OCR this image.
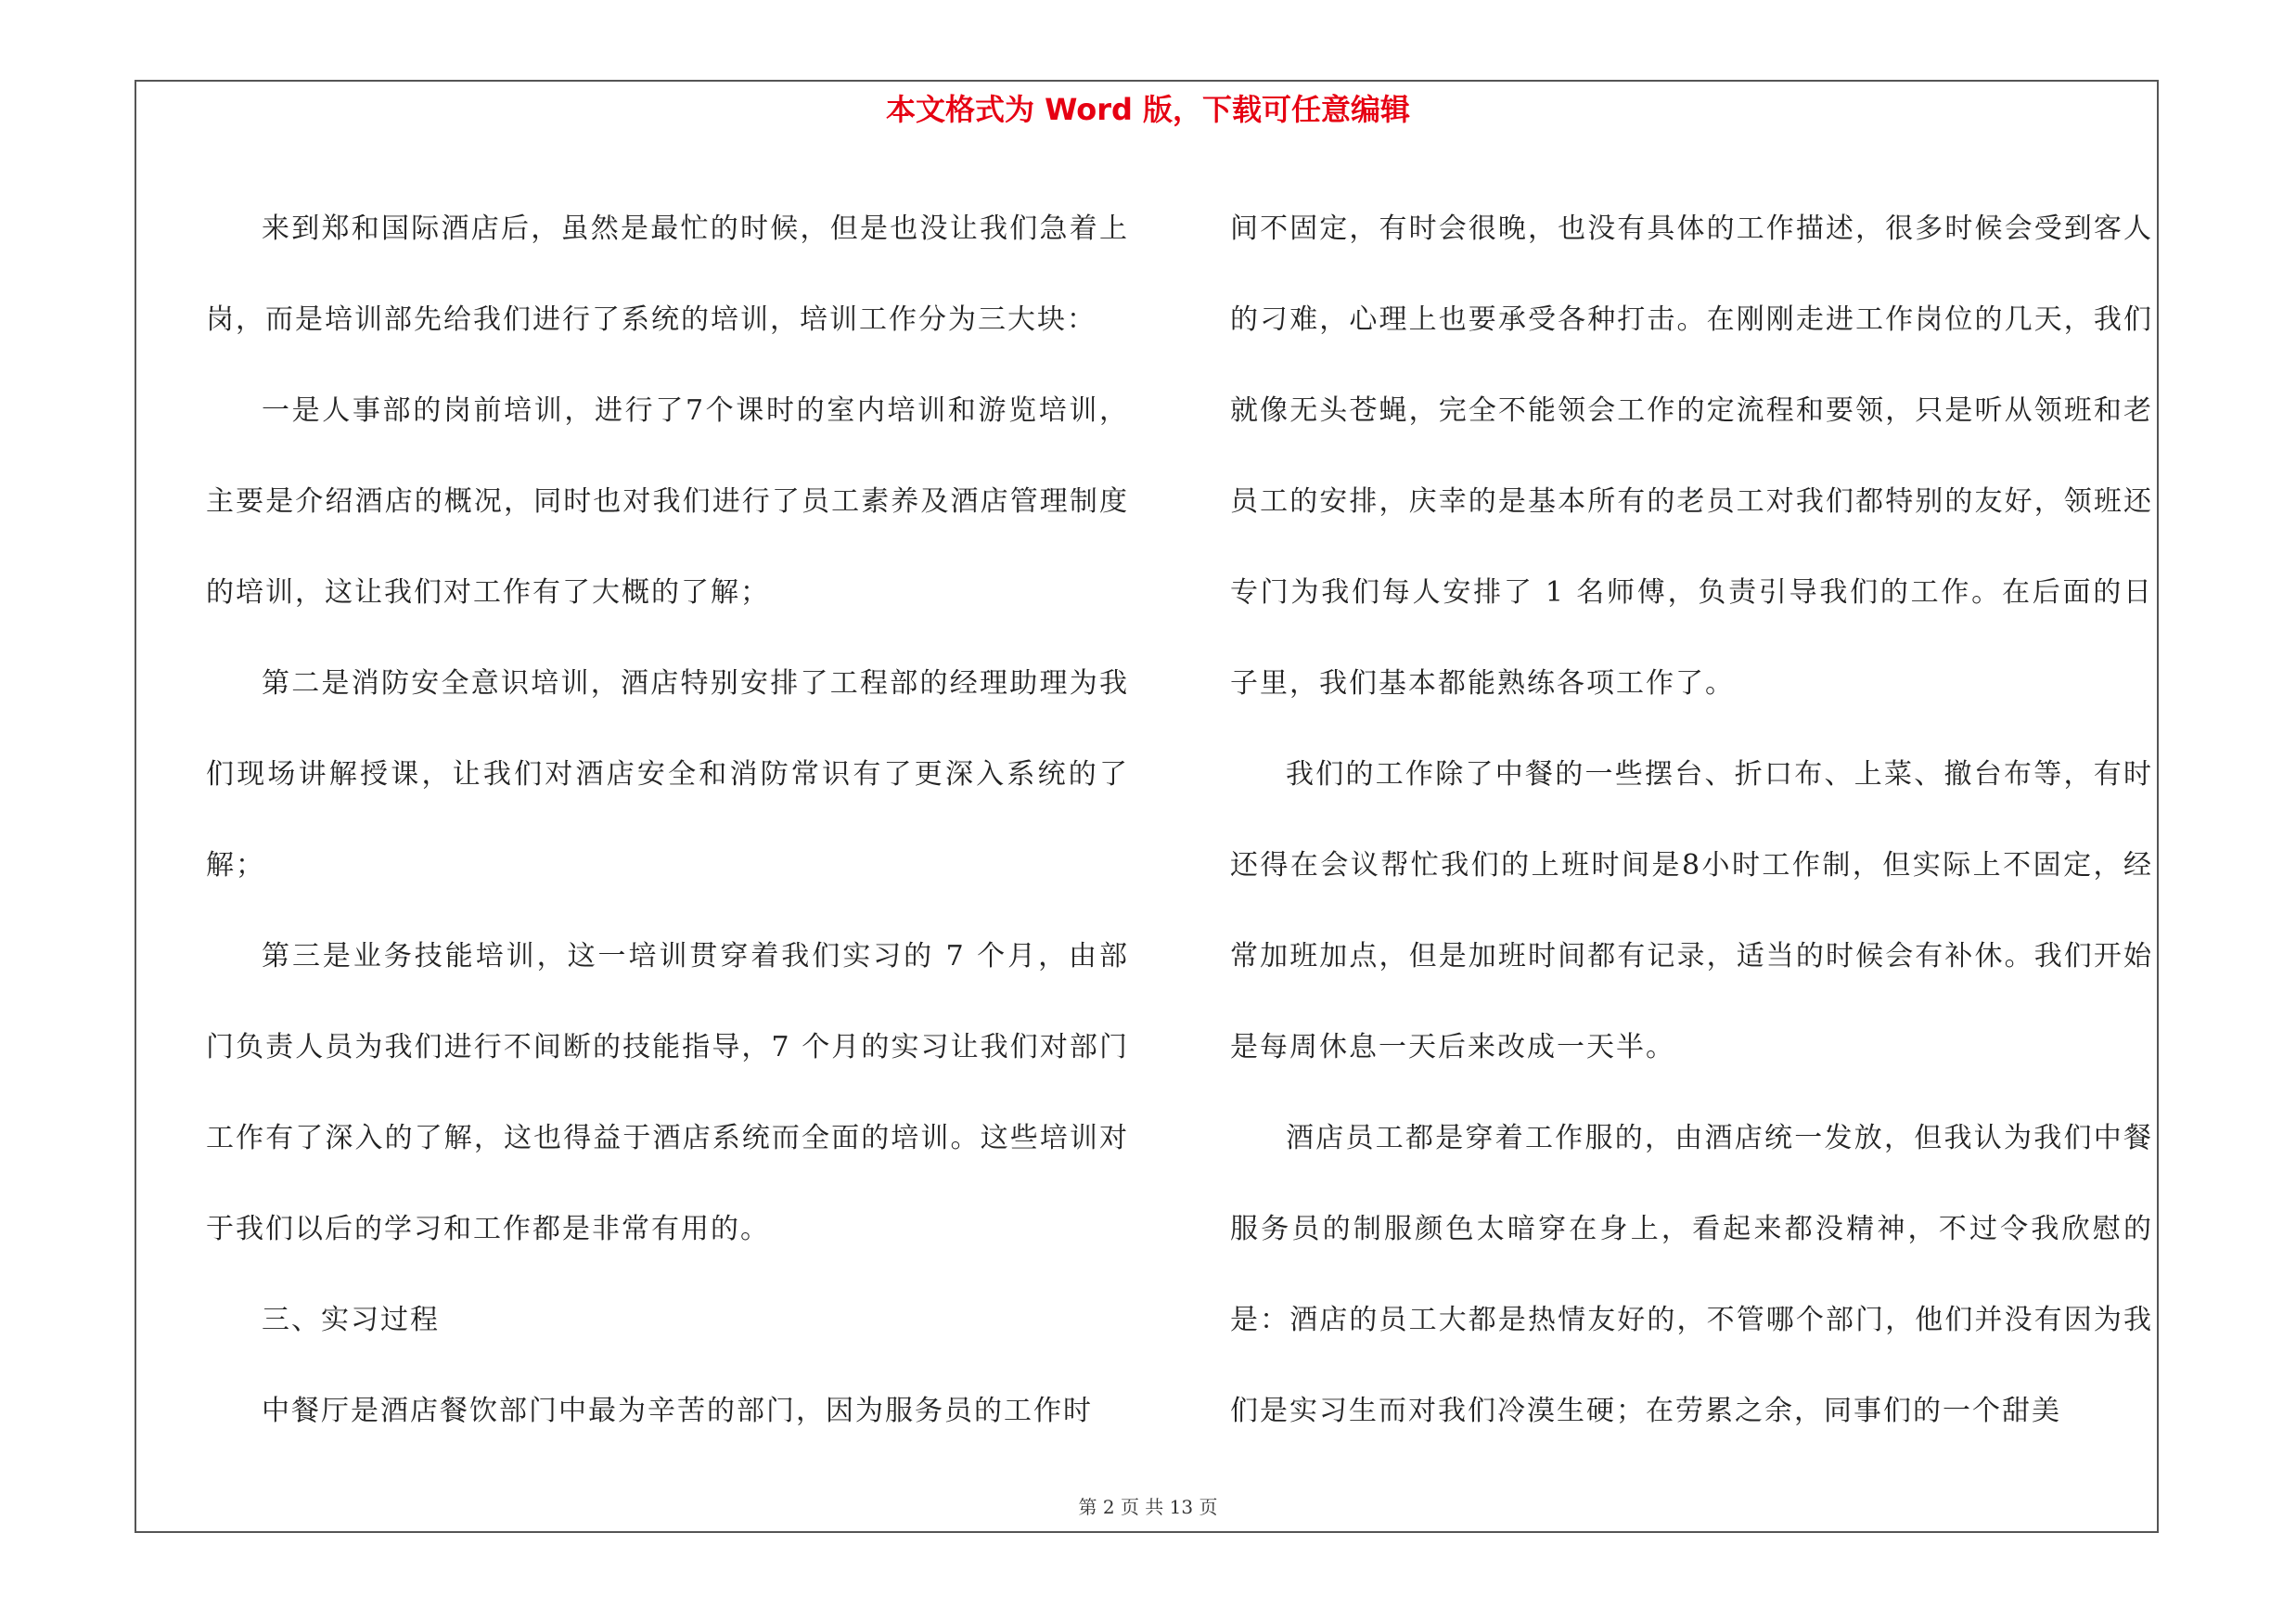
本文格式为 Word 版，下载可任意编辑

来到郑和国际酒店后，虽然是最忙的时候，但是也没让我们急着上岗，而是培训部先给我们进行了系统的培训，培训工作分为三大块：

一是人事部的岗前培训，进行了7个课时的室内培训和游览培训，主要是介绍酒店的概况，同时也对我们进行了员工素养及酒店管理制度的培训，这让我们对工作有了大概的了解；

第二是消防安全意识培训，酒店特别安排了工程部的经理助理为我们现场讲解授课，让我们对酒店安全和消防常识有了更深入系统的了解；

第三是业务技能培训，这一培训贯穿着我们实习的 7 个月，由部门负责人员为我们进行不间断的技能指导，7 个月的实习让我们对部门工作有了深入的了解，这也得益于酒店系统而全面的培训。这些培训对于我们以后的学习和工作都是非常有用的。

三、实习过程

中餐厅是酒店餐饮部门中最为辛苦的部门，因为服务员的工作时

间不固定，有时会很晚，也没有具体的工作描述，很多时候会受到客人的刁难，心理上也要承受各种打击。在刚刚走进工作岗位的几天，我们就像无头苍蝇，完全不能领会工作的定流程和要领，只是听从领班和老员工的安排，庆幸的是基本所有的老员工对我们都特别的友好，领班还专门为我们每人安排了 1 名师傅，负责引导我们的工作。在后面的日子里，我们基本都能熟练各项工作了。

我们的工作除了中餐的一些摆台、折口布、上菜、撤台布等，有时还得在会议帮忙我们的上班时间是8小时工作制，但实际上不固定，经常加班加点，但是加班时间都有记录，适当的时候会有补休。我们开始是每周休息一天后来改成一天半。

酒店员工都是穿着工作服的，由酒店统一发放，但我认为我们中餐服务员的制服颜色太暗穿在身上，看起来都没精神，不过令我欣慰的是：酒店的员工大都是热情友好的，不管哪个部门，他们并没有因为我们是实习生而对我们冷漠生硬；在劳累之余，同事们的一个甜美

第 2 页 共 13 页
